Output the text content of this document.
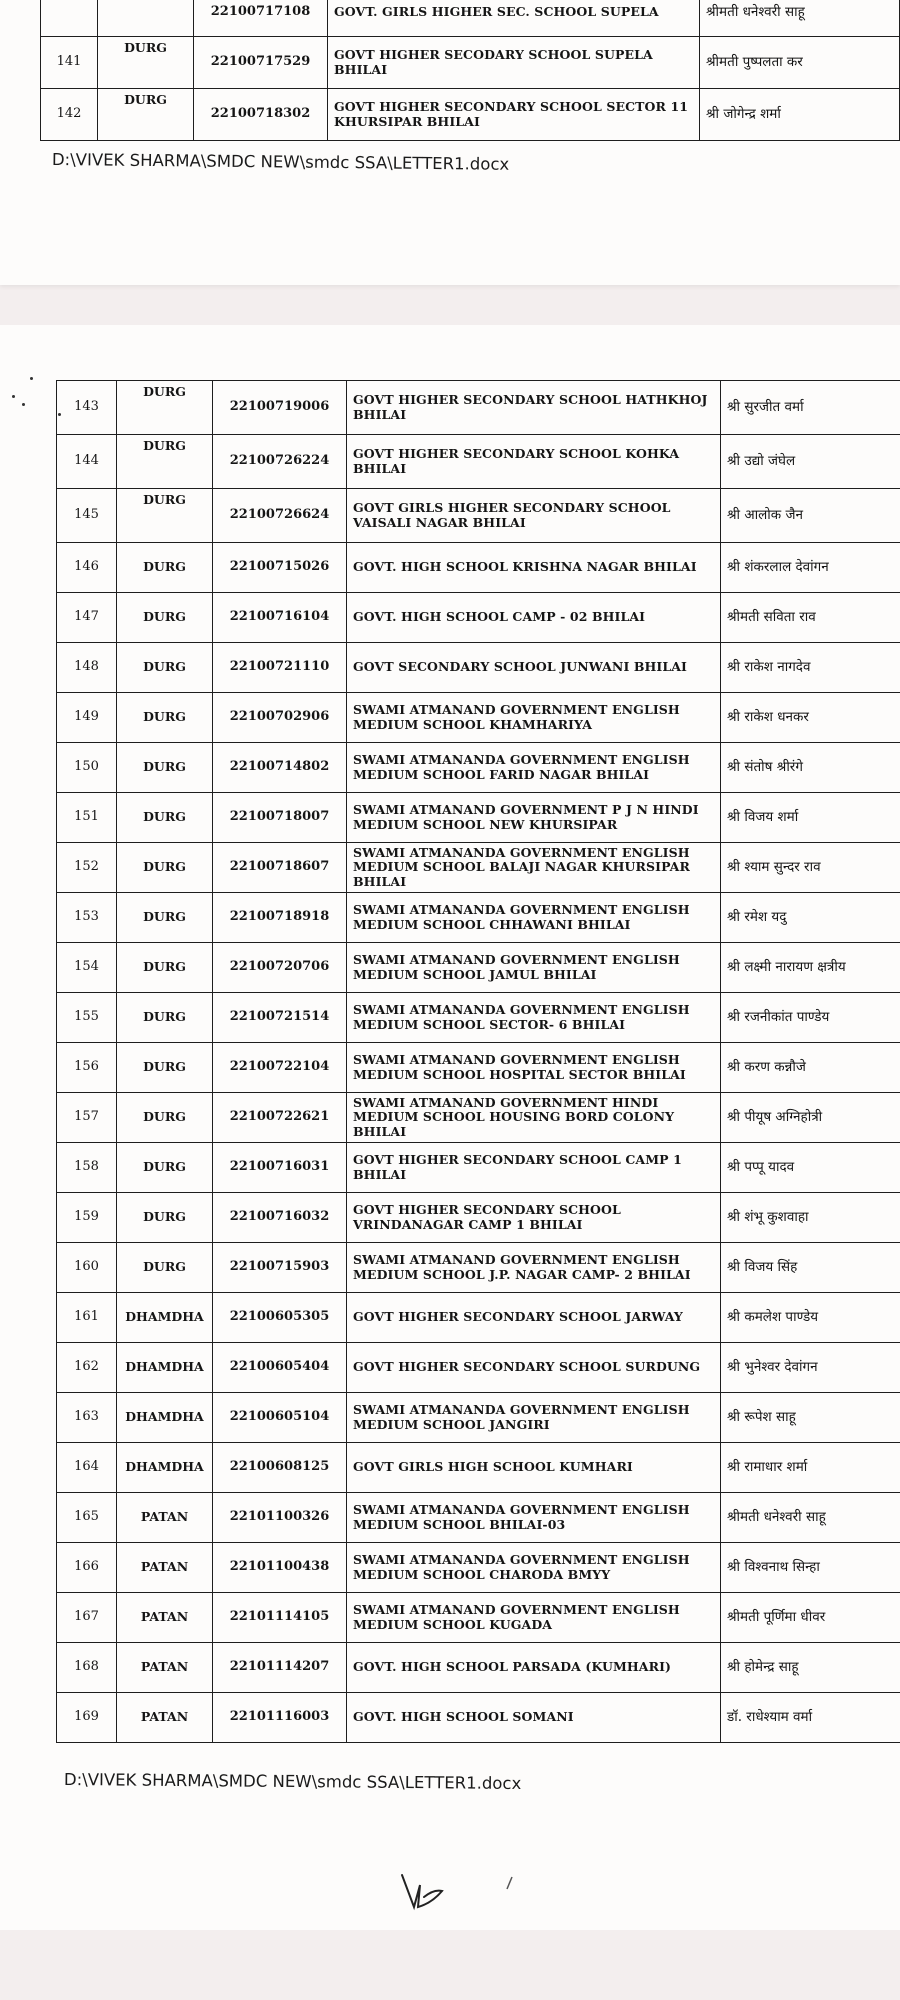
		22100717108	GOVT. GIRLS HIGHER SEC. SCHOOL SUPELA	श्रीमती धनेश्वरी साहू
141	DURG	22100717529	GOVT HIGHER SECODARY SCHOOL SUPELA BHILAI	श्रीमती पुष्पलता कर
142	DURG	22100718302	GOVT HIGHER SECONDARY SCHOOL SECTOR 11 KHURSIPAR BHILAI	श्री जोगेन्द्र शर्मा
D:\VIVEK SHARMA\SMDC NEW\smdc SSA\LETTER1.docx

143	DURG	22100719006	GOVT HIGHER SECONDARY SCHOOL HATHKHOJ BHILAI	श्री सुरजीत वर्मा
144	DURG	22100726224	GOVT HIGHER SECONDARY SCHOOL KOHKA BHILAI	श्री उद्यो जंघेल
145	DURG	22100726624	GOVT GIRLS HIGHER SECONDARY SCHOOL VAISALI NAGAR BHILAI	श्री आलोक जैन
146	DURG	22100715026	GOVT. HIGH SCHOOL KRISHNA NAGAR BHILAI	श्री शंकरलाल देवांगन
147	DURG	22100716104	GOVT. HIGH SCHOOL CAMP - 02 BHILAI	श्रीमती सविता राव
148	DURG	22100721110	GOVT SECONDARY SCHOOL JUNWANI BHILAI	श्री राकेश नागदेव
149	DURG	22100702906	SWAMI ATMANAND GOVERNMENT ENGLISH MEDIUM SCHOOL KHAMHARIYA	श्री राकेश धनकर
150	DURG	22100714802	SWAMI ATMANANDA GOVERNMENT ENGLISH MEDIUM SCHOOL FARID NAGAR BHILAI	श्री संतोष श्रीरंगे
151	DURG	22100718007	SWAMI ATMANAND GOVERNMENT P J N HINDI MEDIUM SCHOOL NEW KHURSIPAR	श्री विजय शर्मा
152	DURG	22100718607	SWAMI ATMANANDA GOVERNMENT ENGLISH MEDIUM SCHOOL BALAJI NAGAR KHURSIPAR BHILAI	श्री श्याम सुन्दर राव
153	DURG	22100718918	SWAMI ATMANANDA GOVERNMENT ENGLISH MEDIUM SCHOOL CHHAWANI BHILAI	श्री रमेश यदु
154	DURG	22100720706	SWAMI ATMANAND GOVERNMENT ENGLISH MEDIUM SCHOOL JAMUL BHILAI	श्री लक्ष्मी नारायण क्षत्रीय
155	DURG	22100721514	SWAMI ATMANANDA GOVERNMENT ENGLISH MEDIUM SCHOOL SECTOR- 6 BHILAI	श्री रजनीकांत पाण्डेय
156	DURG	22100722104	SWAMI ATMANAND GOVERNMENT ENGLISH MEDIUM SCHOOL HOSPITAL SECTOR BHILAI	श्री करण कन्नौजे
157	DURG	22100722621	SWAMI ATMANAND GOVERNMENT HINDI MEDIUM SCHOOL HOUSING BORD COLONY BHILAI	श्री पीयूष अग्निहोत्री
158	DURG	22100716031	GOVT HIGHER SECONDARY SCHOOL CAMP 1 BHILAI	श्री पप्पू यादव
159	DURG	22100716032	GOVT HIGHER SECONDARY SCHOOL VRINDANAGAR CAMP 1 BHILAI	श्री शंभू कुशवाहा
160	DURG	22100715903	SWAMI ATMANAND GOVERNMENT ENGLISH MEDIUM SCHOOL J.P. NAGAR CAMP- 2 BHILAI	श्री विजय सिंह
161	DHAMDHA	22100605305	GOVT HIGHER SECONDARY SCHOOL JARWAY	श्री कमलेश पाण्डेय
162	DHAMDHA	22100605404	GOVT HIGHER SECONDARY SCHOOL SURDUNG	श्री भुनेश्वर देवांगन
163	DHAMDHA	22100605104	SWAMI ATMANANDA GOVERNMENT ENGLISH MEDIUM SCHOOL JANGIRI	श्री रूपेश साहू
164	DHAMDHA	22100608125	GOVT GIRLS HIGH SCHOOL KUMHARI	श्री रामाधार शर्मा
165	PATAN	22101100326	SWAMI ATMANANDA GOVERNMENT ENGLISH MEDIUM SCHOOL BHILAI-03	श्रीमती धनेश्वरी साहू
166	PATAN	22101100438	SWAMI ATMANANDA GOVERNMENT ENGLISH MEDIUM SCHOOL CHARODA BMYY	श्री विश्वनाथ सिन्हा
167	PATAN	22101114105	SWAMI ATMANAND GOVERNMENT ENGLISH MEDIUM SCHOOL KUGADA	श्रीमती पूर्णिमा धीवर
168	PATAN	22101114207	GOVT. HIGH SCHOOL PARSADA (KUMHARI)	श्री होमेन्द्र साहू
169	PATAN	22101116003	GOVT. HIGH SCHOOL SOMANI	डॉ. राधेश्याम वर्मा
D:\VIVEK SHARMA\SMDC NEW\smdc SSA\LETTER1.docx
